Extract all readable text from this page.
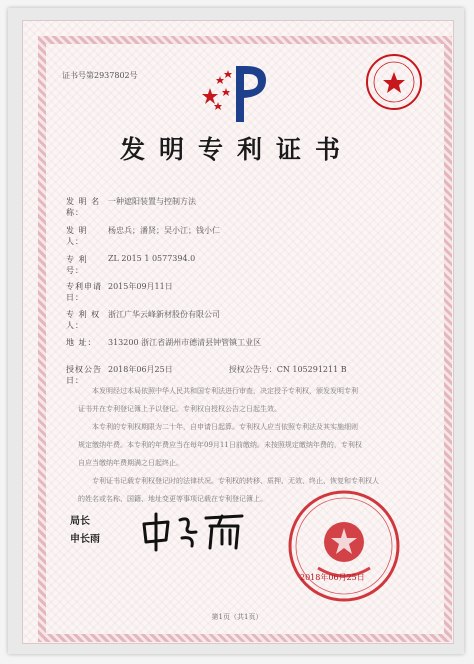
证书号第2937802号
发明专利证书
发 明 名 称：
一种遮阳装置与控制方法
发 明 人：
杨忠兵；潘贤；吴小江；钱小仁
专 利 号：
ZL 2015 1 0577394.0
专利申请日：
2015年09月11日
专 利 权 人：
浙江广华云峰新材股份有限公司
地 址：	313200 浙江省湖州市德清县钟管镇工业区
授权公告日：
2018年06月25日	授权公告号：CN 105291211 B
本发明经过本局依照中华人民共和国专利法进行审查，决定授予专利权，颁发发明专利
证书并在专利登记簿上予以登记。专利权自授权公告之日起生效。
本专利的专利权期限为二十年，自申请日起算。专利权人应当依照专利法及其实施细则
规定缴纳年费。本专利的年费应当在每年09月11日前缴纳。未按照规定缴纳年费的，专利权
自应当缴纳年费期满之日起终止。
专利证书记载专利权登记时的法律状况。专利权的转移、质押、无效、终止、恢复和专利权人
的姓名或名称、国籍、地址变更等事项记载在专利登记簿上。
局长
申长雨
2018年06月25日
第1页（共1页）
